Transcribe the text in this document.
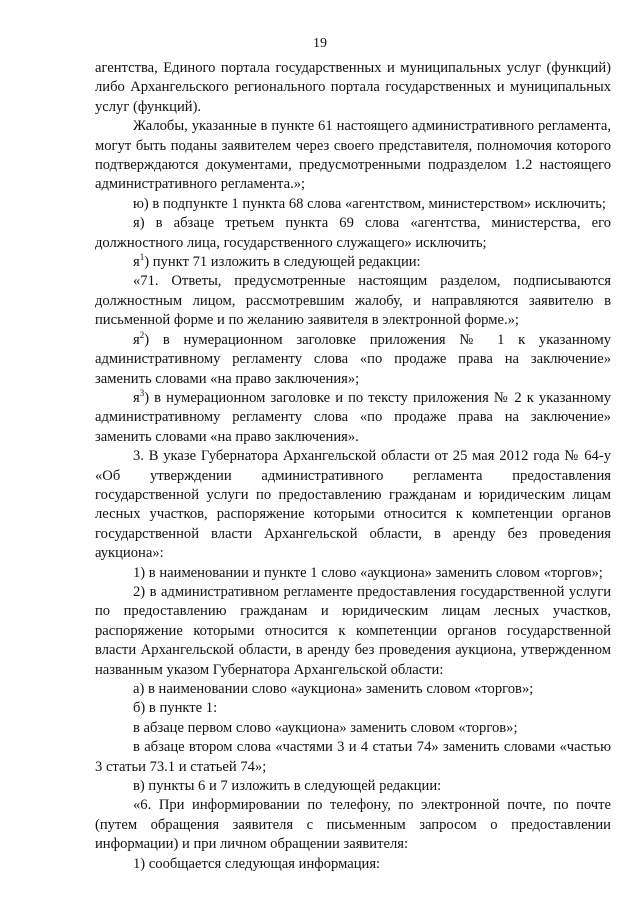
19

агентства, Единого портала государственных и муниципальных услуг (функций) либо Архангельского регионального портала государственных и муниципальных услуг (функций).

Жалобы, указанные в пункте 61 настоящего административного регламента, могут быть поданы заявителем через своего представителя, полномочия которого подтверждаются документами, предусмотренными подразделом 1.2 настоящего административного регламента.»;

ю) в подпункте 1 пункта 68 слова «агентством, министерством» исключить;

я) в абзаце третьем пункта 69 слова «агентства, министерства, его должностного лица, государственного служащего» исключить;

$я^1$) пункт 71 изложить в следующей редакции:

«71. Ответы, предусмотренные настоящим разделом, подписываются должностным лицом, рассмотревшим жалобу, и направляются заявителю в письменной форме и по желанию заявителя в электронной форме.»;

$я^2$) в нумерационном заголовке приложения № 1 к указанному административному регламенту слова «по продаже права на заключение» заменить словами «на право заключения»;

$я^3$) в нумерационном заголовке и по тексту приложения № 2 к указанному административному регламенту слова «по продаже права на заключение» заменить словами «на право заключения».

3. В указе Губернатора Архангельской области от 25 мая 2012 года № 64-у «Об утверждении административного регламента предоставления государственной услуги по предоставлению гражданам и юридическим лицам лесных участков, распоряжение которыми относится к компетенции органов государственной власти Архангельской области, в аренду без проведения аукциона»:

1) в наименовании и пункте 1 слово «аукциона» заменить словом «торгов»;

2) в административном регламенте предоставления государственной услуги по предоставлению гражданам и юридическим лицам лесных участков, распоряжение которыми относится к компетенции органов государственной власти Архангельской области, в аренду без проведения аукциона, утвержденном названным указом Губернатора Архангельской области:

а) в наименовании слово «аукциона» заменить словом «торгов»;

б) в пункте 1:

в абзаце первом слово «аукциона» заменить словом «торгов»;

в абзаце втором слова «частями 3 и 4 статьи 74» заменить словами «частью 3 статьи 73.1 и статьей 74»;

в) пункты 6 и 7 изложить в следующей редакции:

«6. При информировании по телефону, по электронной почте, по почте (путем обращения заявителя с письменным запросом о предоставлении информации) и при личном обращении заявителя:

1) сообщается следующая информация:
